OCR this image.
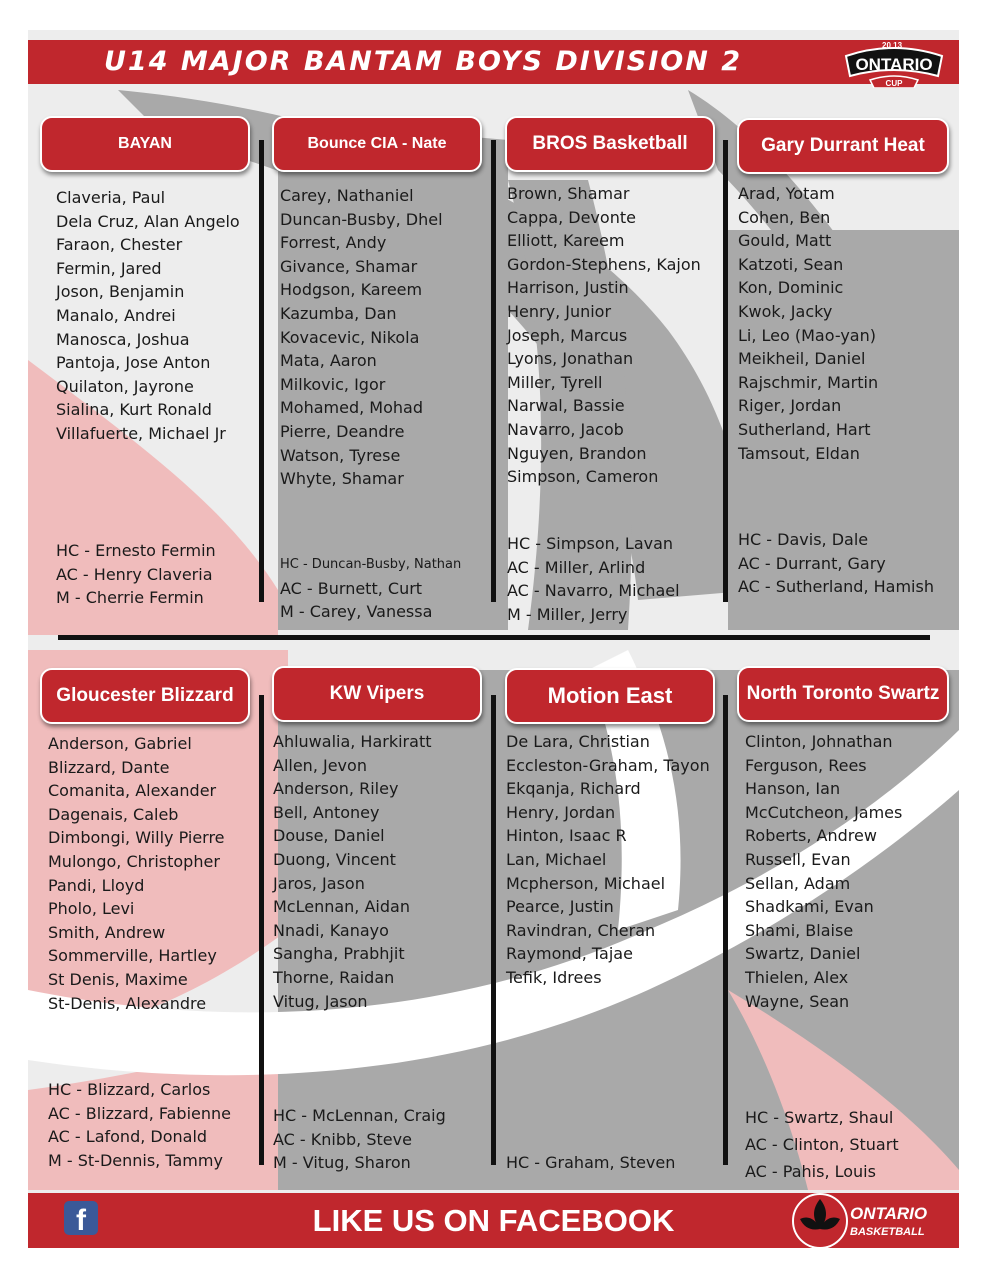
U14 MAJOR BANTAM BOYS DIVISION 2
20 13
ONTARIO
CUP
BAYAN	Bounce CIA - Nate	BROS Basketball	Gary Durrant Heat
Gloucester Blizzard	KW Vipers	Motion East	North Toronto Swartz
Claveria, Paul
Dela Cruz, Alan Angelo
Faraon, Chester
Fermin, Jared
Joson, Benjamin
Manalo, Andrei
Manosca, Joshua
Pantoja, Jose Anton
Quilaton, Jayrone
Sialina, Kurt Ronald
Villafuerte, Michael Jr
HC - Ernesto Fermin
AC - Henry Claveria
M - Cherrie Fermin
Carey, Nathaniel
Duncan-Busby, Dhel
Forrest, Andy
Givance, Shamar
Hodgson, Kareem
Kazumba, Dan
Kovacevic, Nikola
Mata, Aaron
Milkovic, Igor
Mohamed, Mohad
Pierre, Deandre
Watson, Tyrese
Whyte, Shamar
HC - Duncan-Busby, Nathan
AC - Burnett, Curt
M - Carey, Vanessa
Brown, Shamar
Cappa, Devonte
Elliott, Kareem
Gordon-Stephens, Kajon
Harrison, Justin
Henry, Junior
Joseph, Marcus
Lyons, Jonathan
Miller, Tyrell
Narwal, Bassie
Navarro, Jacob
Nguyen, Brandon
Simpson, Cameron
HC - Simpson, Lavan
AC - Miller, Arlind
AC - Navarro, Michael
M - Miller, Jerry
Arad, Yotam
Cohen, Ben
Gould, Matt
Katzoti, Sean
Kon, Dominic
Kwok, Jacky
Li, Leo (Mao-yan)
Meikheil, Daniel
Rajschmir, Martin
Riger, Jordan
Sutherland, Hart
Tamsout, Eldan
HC - Davis, Dale
AC - Durrant, Gary
AC - Sutherland, Hamish
Anderson, Gabriel
Blizzard, Dante
Comanita, Alexander
Dagenais, Caleb
Dimbongi, Willy Pierre
Mulongo, Christopher
Pandi, Lloyd
Pholo, Levi
Smith, Andrew
Sommerville, Hartley
St Denis, Maxime
St-Denis, Alexandre
HC - Blizzard, Carlos
AC - Blizzard, Fabienne
AC - Lafond, Donald
M - St-Dennis, Tammy
Ahluwalia, Harkiratt
Allen, Jevon
Anderson, Riley
Bell, Antoney
Douse, Daniel
Duong, Vincent
Jaros, Jason
McLennan, Aidan
Nnadi, Kanayo
Sangha, Prabhjit
Thorne, Raidan
Vitug, Jason
HC - McLennan, Craig
AC - Knibb, Steve
M - Vitug, Sharon
De Lara, Christian
Eccleston-Graham, Tayon
Ekqanja, Richard
Henry, Jordan
Hinton, Isaac R
Lan, Michael
Mcpherson, Michael
Pearce, Justin
Ravindran, Cheran
Raymond, Tajae
Tefik, Idrees
HC - Graham, Steven
Clinton, Johnathan
Ferguson, Rees
Hanson, Ian
McCutcheon, James
Roberts, Andrew
Russell, Evan
Sellan, Adam
Shadkami, Evan
Shami, Blaise
Swartz, Daniel
Thielen, Alex
Wayne, Sean
HC - Swartz, Shaul
AC - Clinton, Stuart
AC - Pahis, Louis
f	LIKE US ON FACEBOOK	ONTARIO
BASKETBALL
